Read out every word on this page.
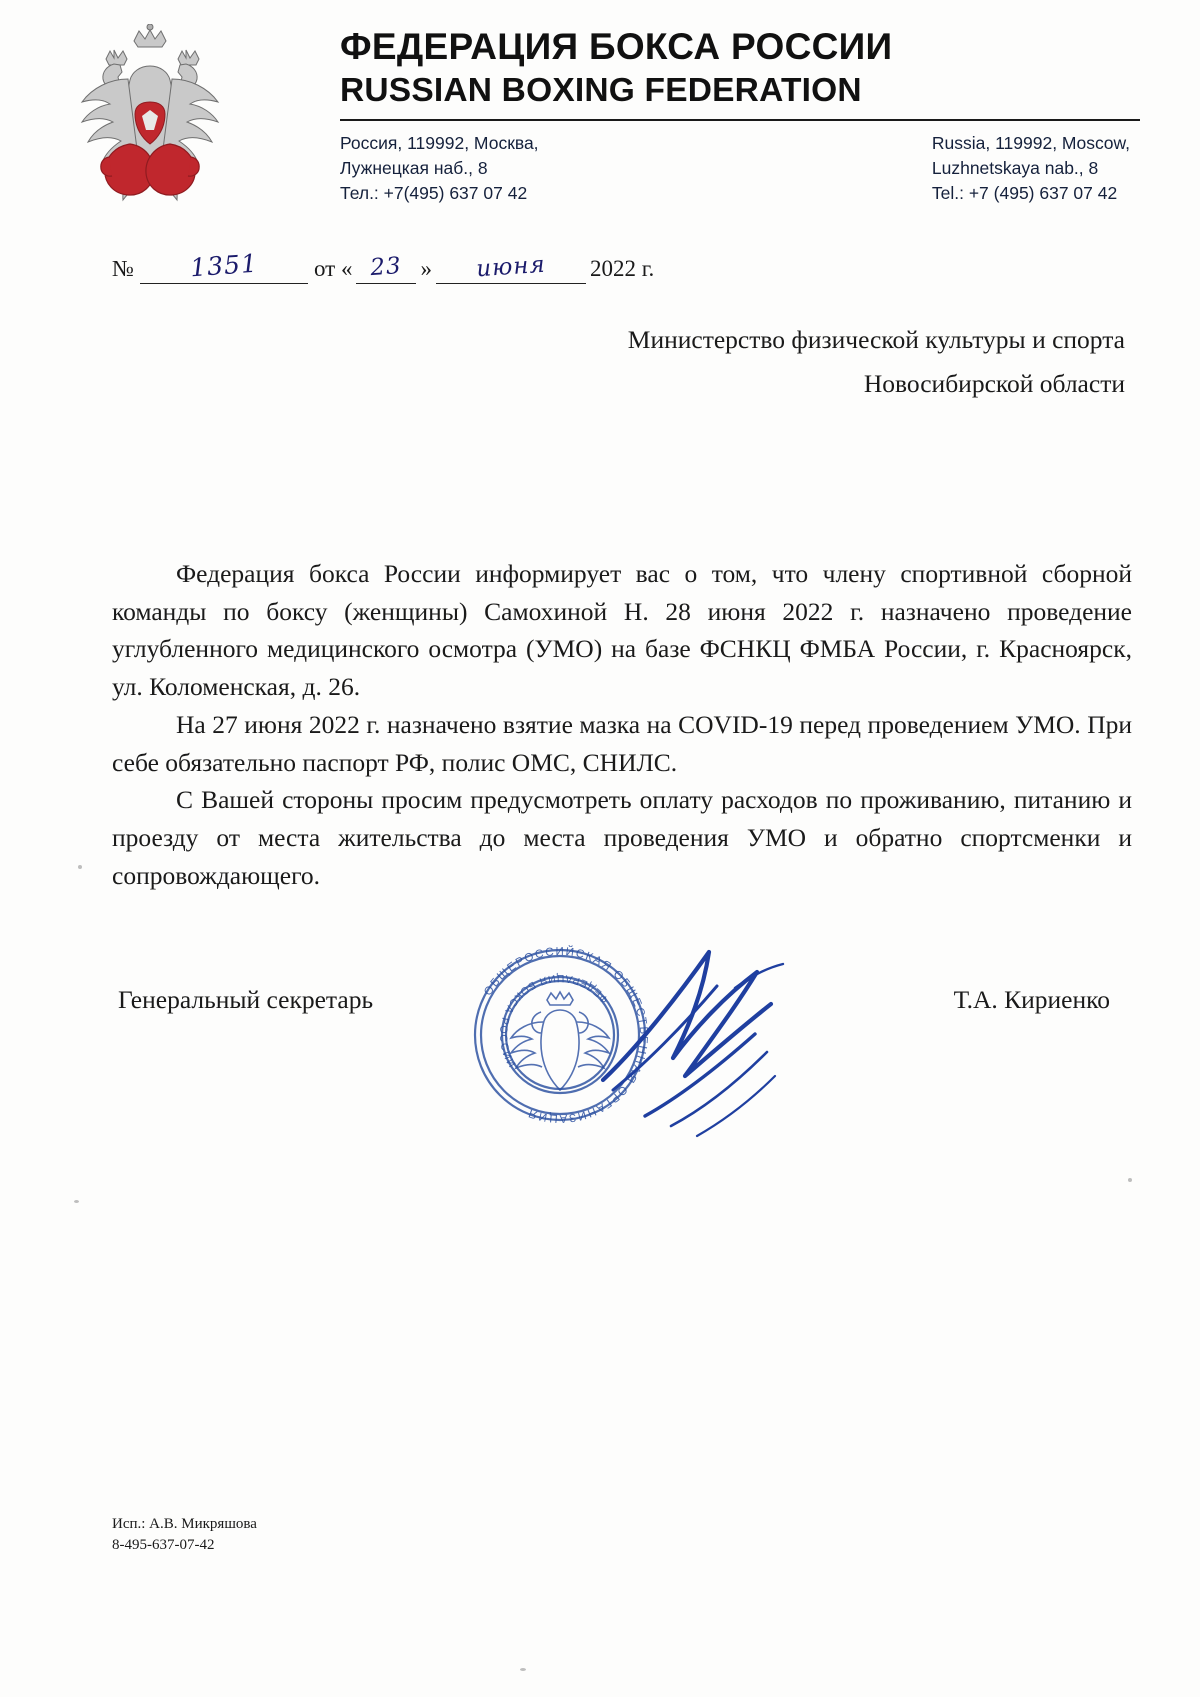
ФЕДЕРАЦИЯ БОКСА РОССИИ
RUSSIAN BOXING FEDERATION
Россия, 119992, Москва,
Лужнецкая наб., 8
Тел.: +7(495) 637 07 42
Russia, 119992, Moscow,
Luzhnetskaya nab., 8
Tel.: +7 (495) 637 07 42
№	1351	от « 23 »	июня	2022 г.
Министерство физической культуры и спорта
Новосибирской области

Федерация бокса России информирует вас о том, что члену спортивной сборной команды по боксу (женщины) Самохиной Н. 28 июня 2022 г. назначено проведение углубленного медицинского осмотра (УМО) на базе ФСНКЦ ФМБА России, г. Красноярск, ул. Коломенская, д. 26.

На 27 июня 2022 г. назначено взятие мазка на COVID-19 перед проведением УМО. При себе обязательно паспорт РФ, полис ОМС, СНИЛС.

С Вашей стороны просим предусмотреть оплату расходов по проживанию, питанию и проезду от места жительства до места проведения УМО и обратно спортсменки и сопровождающего.

ОБЩЕРОССИЙСКАЯ ОБЩЕСТВЕННАЯ ОРГАНИЗАЦИЯ
ФЕДЕРАЦИЯ БОКСА РОССИИ
Генеральный секретарь	Т.А. Кириенко
Исп.: А.В. Микряшова
8-495-637-07-42
